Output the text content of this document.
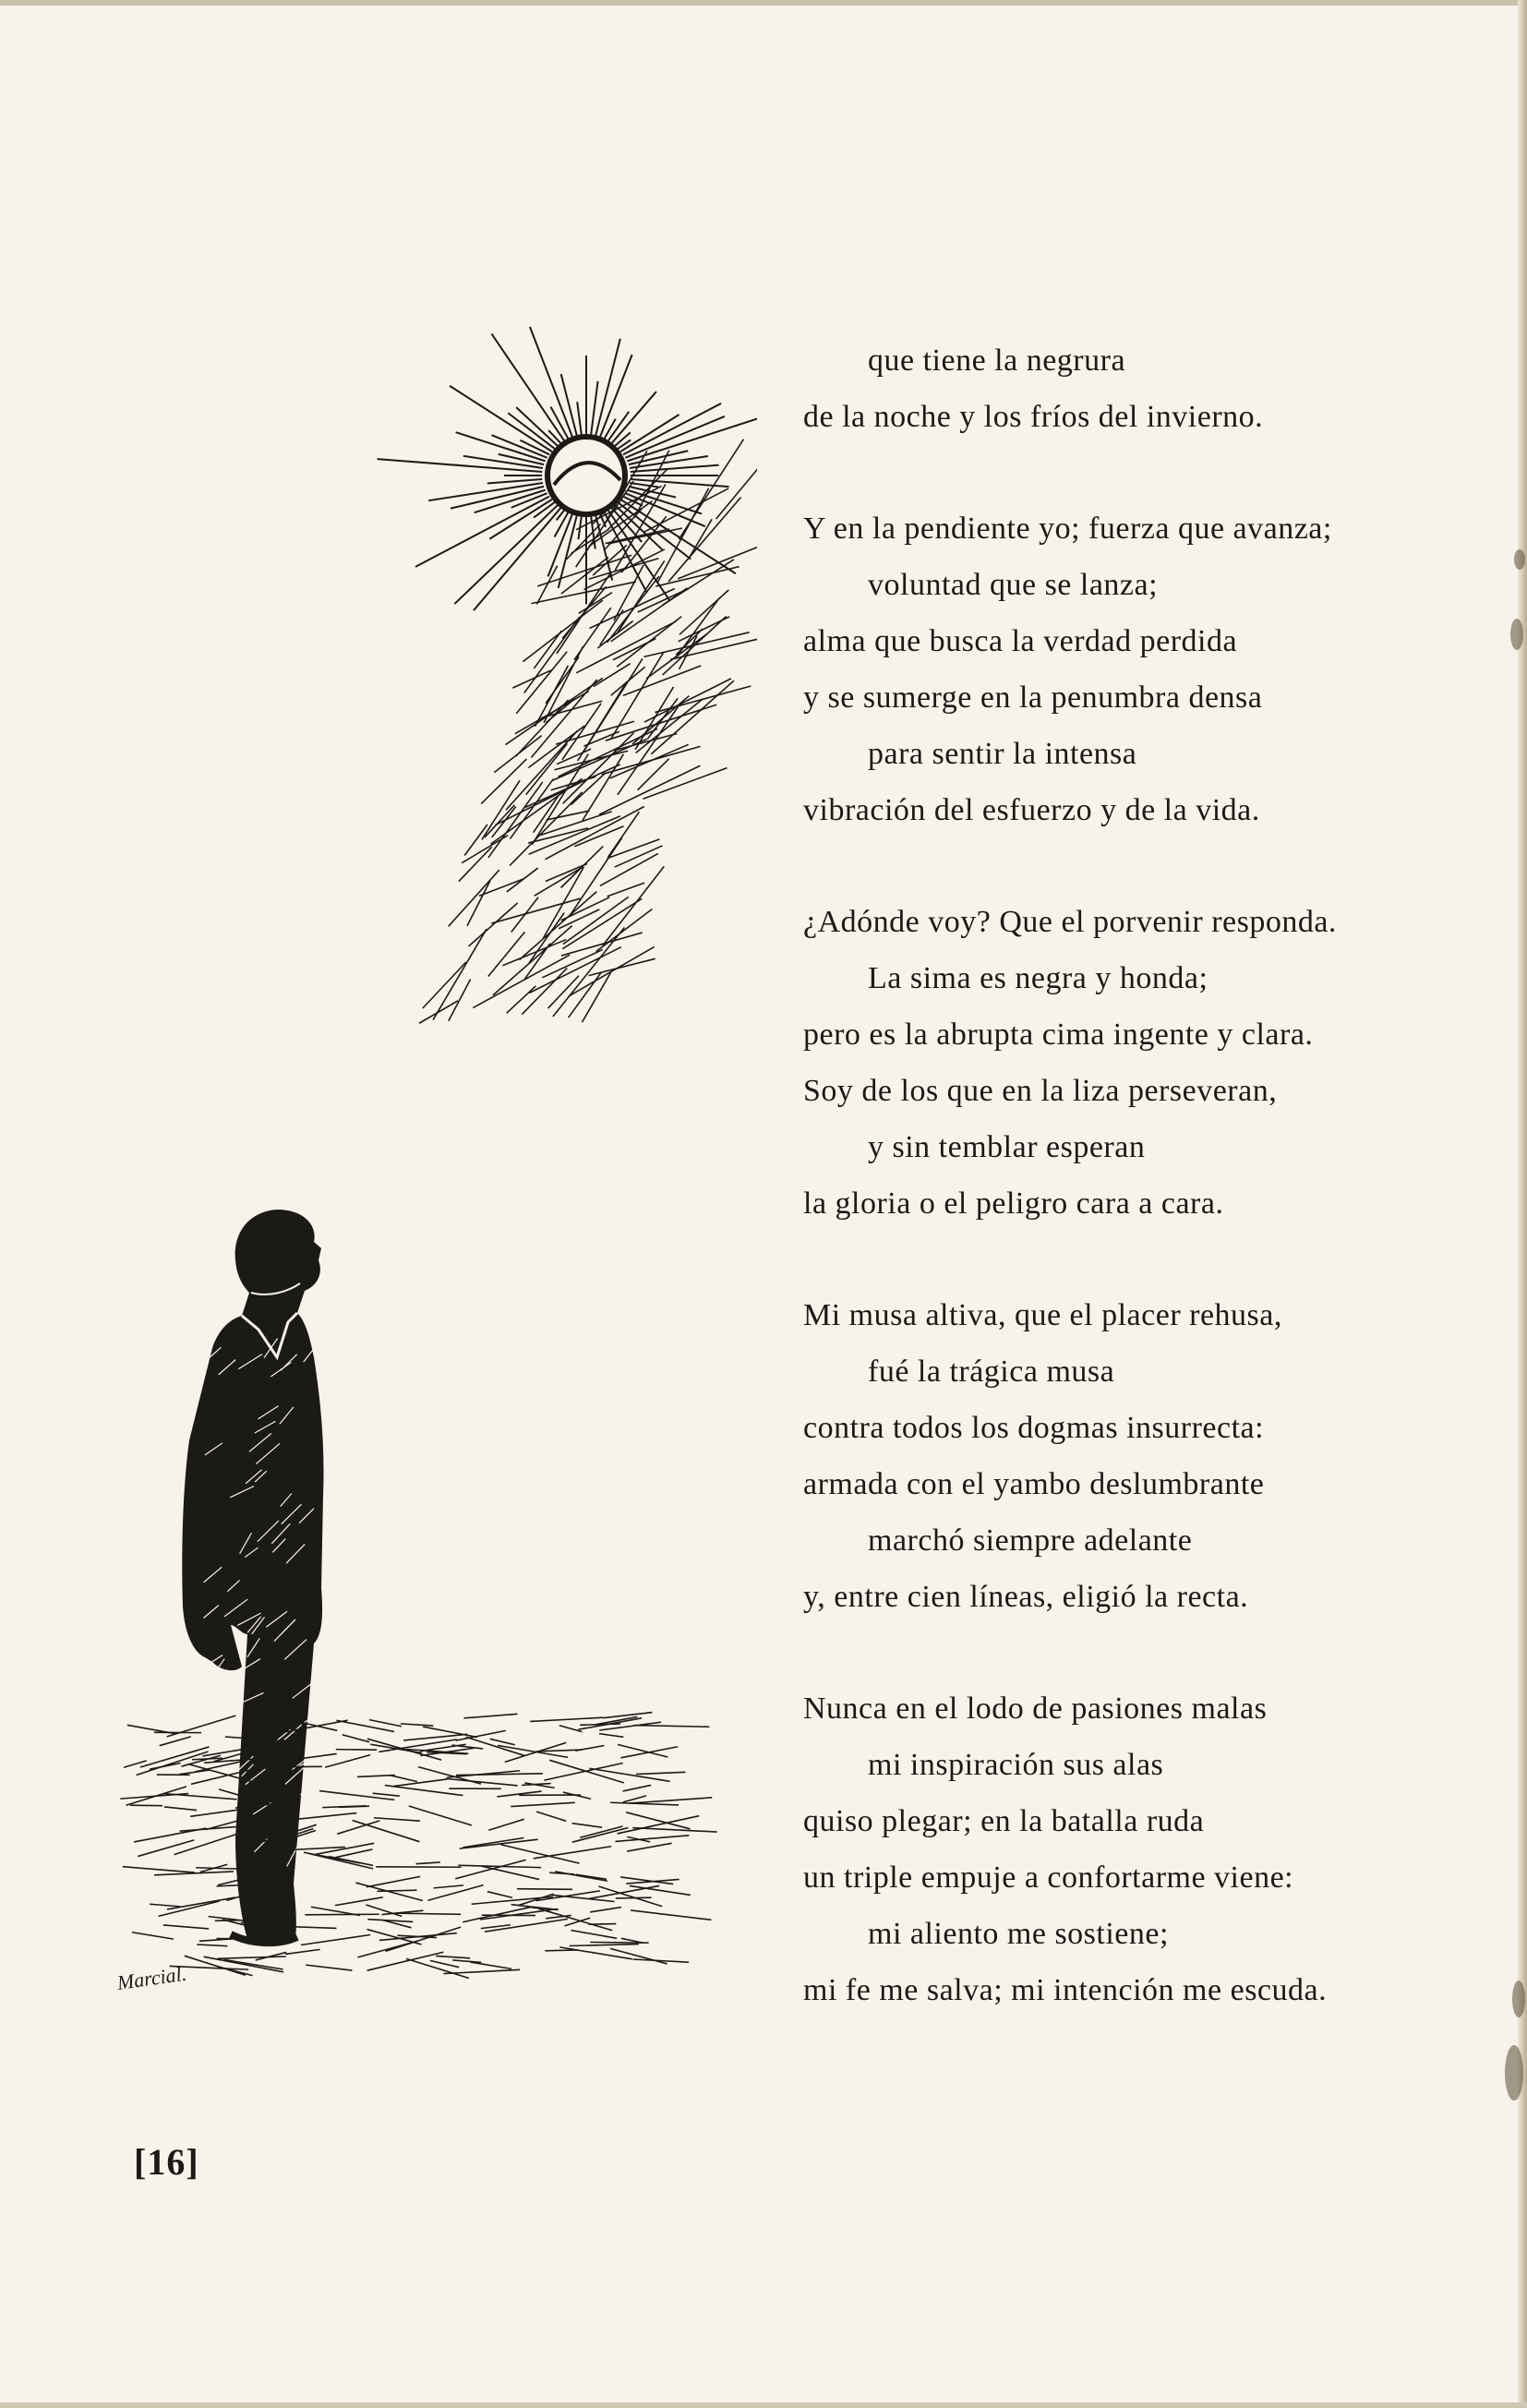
Marcial.
que tiene la negrura
de la noche y los fríos del invierno.
Y en la pendiente yo; fuerza que avanza;
voluntad que se lanza;
alma que busca la verdad perdida
y se sumerge en la penumbra densa
para sentir la intensa
vibración del esfuerzo y de la vida.
¿Adónde voy? Que el porvenir responda.
La sima es negra y honda;
pero es la abrupta cima ingente y clara.
Soy de los que en la liza perseveran,
y sin temblar esperan
la gloria o el peligro cara a cara.
Mi musa altiva, que el placer rehusa,
fué la trágica musa
contra todos los dogmas insurrecta:
armada con el yambo deslumbrante
marchó siempre adelante
y, entre cien líneas, eligió la recta.
Nunca en el lodo de pasiones malas
mi inspiración sus alas
quiso plegar; en la batalla ruda
un triple empuje a confortarme viene:
mi aliento me sostiene;
mi fe me salva; mi intención me escuda.
[16]
